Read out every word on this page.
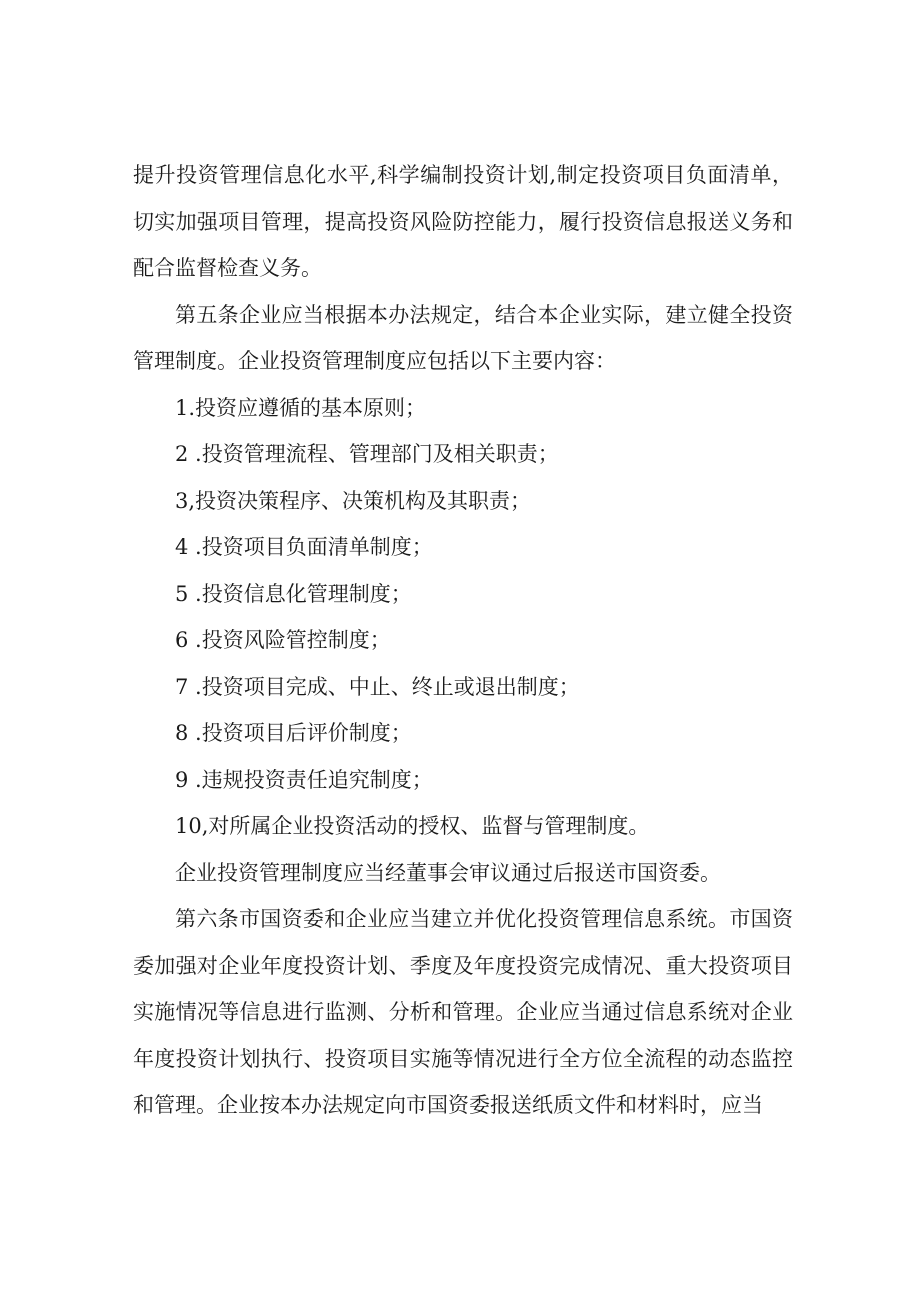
提升投资管理信息化水平,科学编制投资计划,制定投资项目负面清单，切实加强项目管理，提高投资风险防控能力，履行投资信息报送义务和配合监督检查义务。

第五条企业应当根据本办法规定，结合本企业实际，建立健全投资管理制度。企业投资管理制度应包括以下主要内容：

1.投资应遵循的基本原则；

2 .投资管理流程、管理部门及相关职责；

3,投资决策程序、决策机构及其职责；

4 .投资项目负面清单制度；

5 .投资信息化管理制度；

6 .投资风险管控制度；

7 .投资项目完成、中止、终止或退出制度；

8 .投资项目后评价制度；

9 .违规投资责任追究制度；

10,对所属企业投资活动的授权、监督与管理制度。

企业投资管理制度应当经董事会审议通过后报送市国资委。

第六条市国资委和企业应当建立并优化投资管理信息系统。市国资委加强对企业年度投资计划、季度及年度投资完成情况、重大投资项目实施情况等信息进行监测、分析和管理。企业应当通过信息系统对企业年度投资计划执行、投资项目实施等情况进行全方位全流程的动态监控和管理。企业按本办法规定向市国资委报送纸质文件和材料时，应当
